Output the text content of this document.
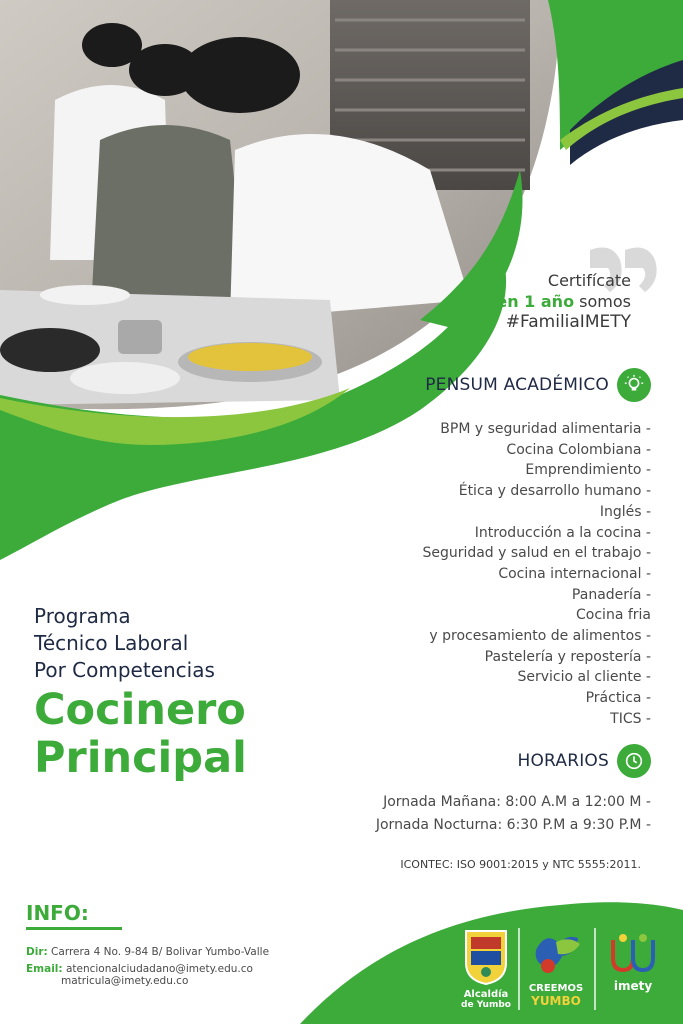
Certifícate
en 1 año somos
#FamiliaIMETY
PENSUM ACADÉMICO
BPM y seguridad alimentaria -
Cocina Colombiana -
Emprendimiento -
Ética y desarrollo humano -
Inglés -
Introducción a la cocina -
Seguridad y salud en el trabajo -
Cocina internacional -
Panadería -
Cocina fria
y procesamiento de alimentos -
Pastelería y repostería -
Servicio al cliente -
Práctica -
TICS -
HORARIOS
Jornada Mañana: 8:00 A.M a 12:00 M -
Jornada Nocturna: 6:30 P.M a 9:30 P.M -
ICONTEC: ISO 9001:2015 y NTC 5555:2011.
Programa
Técnico Laboral
Por Competencias
Cocinero
Principal
INFO:
Dir: Carrera 4 No. 9-84 B/ Bolivar Yumbo-Valle
Email: atencionalciudadano@imety.edu.co
matricula@imety.edu.co
Alcaldía
de Yumbo
CREEMOS
YUMBO
imety
